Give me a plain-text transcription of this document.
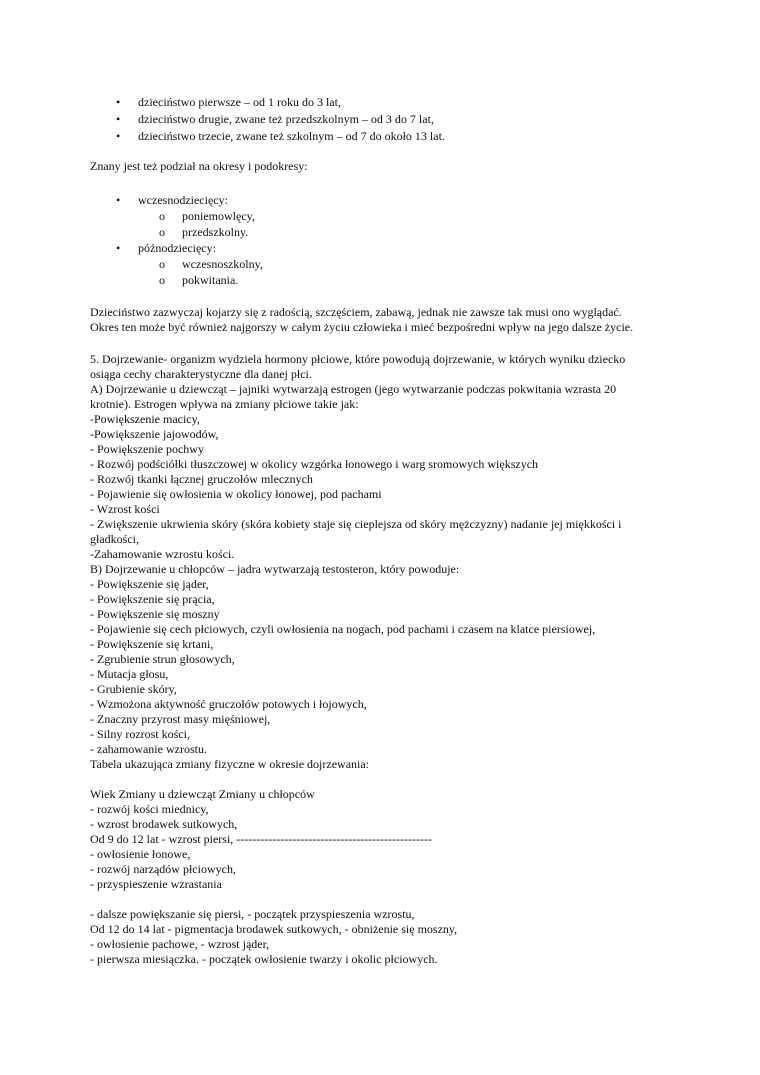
• dzieciństwo pierwsze – od 1 roku do 3 lat,
• dzieciństwo drugie, zwane też przedszkolnym – od 3 do 7 lat,
• dzieciństwo trzecie, zwane też szkolnym – od 7 do około 13 lat.
Znany jest też podział na okresy i podokresy:
• wczesnodziecięcy:
o poniemowlęcy,
o przedszkolny.
• późnodziecięcy:
o wczesnoszkolny,
o pokwitania.
Dzieciństwo zazwyczaj kojarzy się z radością, szczęściem, zabawą, jednak nie zawsze tak musi ono wyglądać.
Okres ten może być również najgorszy w całym życiu człowieka i mieć bezpośredni wpływ na jego dalsze życie.
5. Dojrzewanie- organizm wydziela hormony płciowe, które powodują dojrzewanie, w których wyniku dziecko
osiąga cechy charakterystyczne dla danej płci.
A) Dojrzewanie u dziewcząt – jajniki wytwarzają estrogen (jego wytwarzanie podczas pokwitania wzrasta 20
krotnie). Estrogen wpływa na zmiany płciowe takie jak:
-Powiększenie macicy,
-Powiększenie jajowodów,
- Powiększenie pochwy
- Rozwój podściółki tłuszczowej w okolicy wzgórka łonowego i warg sromowych większych
- Rozwój tkanki łącznej gruczołów mlecznych
- Pojawienie się owłosienia w okolicy łonowej, pod pachami
- Wzrost kości
- Zwiększenie ukrwienia skóry (skóra kobiety staje się cieplejsza od skóry mężczyzny) nadanie jej miękkości i
gładkości,
-Zahamowanie wzrostu kości.
B) Dojrzewanie u chłopców – jadra wytwarzają testosteron, który powoduje:
- Powiększenie się jąder,
- Powiększenie się prącia,
- Powiększenie się moszny
- Pojawienie się cech płciowych, czyli owłosienia na nogach, pod pachami i czasem na klatce piersiowej,
- Powiększenie się krtani,
- Zgrubienie strun głosowych,
- Mutacja głosu,
- Grubienie skóry,
- Wzmożona aktywność gruczołów potowych i łojowych,
- Znaczny przyrost masy mięśniowej,
- Silny rozrost kości,
- zahamowanie wzrostu.
Tabela ukazująca zmiany fizyczne w okresie dojrzewania:
Wiek Zmiany u dziewcząt Zmiany u chłopców
- rozwój kości miednicy,
- wzrost brodawek sutkowych,
Od 9 do 12 lat - wzrost piersi, -------------------------------------------------
- owłosienie łonowe,
- rozwój narządów płciowych,
- przyspieszenie wzrastania
- dalsze powiększanie się piersi, - początek przyspieszenia wzrostu,
Od 12 do 14 lat - pigmentacja brodawek sutkowych, - obniżenie się moszny,
- owłosienie pachowe, - wzrost jąder,
- pierwsza miesiączka. - początek owłosienie twarzy i okolic płciowych.
